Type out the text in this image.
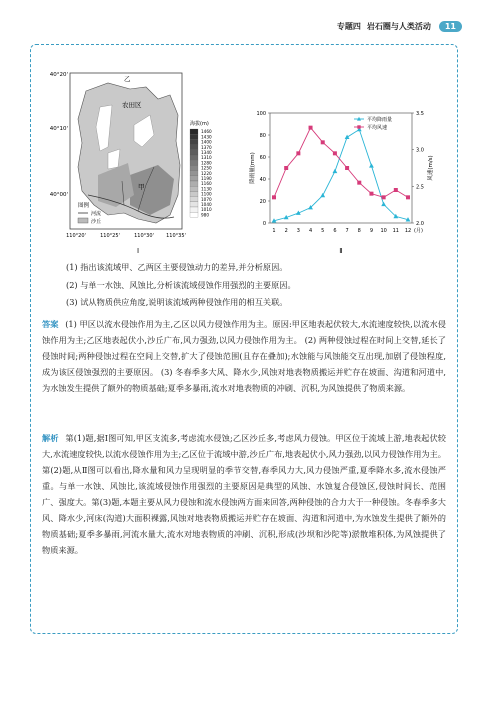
专题四 岩石圈与人类活动	11
40°20'
40°10'
40°00'
110°20'	110°25'	110°30' 110°35'
乙
农田区
甲
图例
河流
沙丘
海拔(m)
1460
1430
1400
1370
1340
1310
1280
1250
1220
1190
1160
1130
1100
1070
1040
1010
980
Ⅰ
0
20
40
60
80
100
2.0
2.5
3.0
3.5
1 2 3 4 5 6 7 8 9 10 11 12 (月)
降雨量(mm)	风速(m/s)
平均降雨量
平均风速
Ⅱ
(1) 指出该流域甲、乙两区主要侵蚀动力的差异,并分析原因。
(2) 与单一水蚀、风蚀比,分析该流域侵蚀作用强烈的主要原因。
(3) 试从物质供应角度,说明该流域两种侵蚀作用的相互关联。
答案 (1) 甲区以流水侵蚀作用为主,乙区以风力侵蚀作用为主。原因:甲区地表起伏较大,水流速度较快,以流水侵蚀作用为主;乙区地表起伏小,沙丘广布,风力强劲,以风力侵蚀作用为主。 (2) 两种侵蚀过程在时间上交替,延长了侵蚀时间;两种侵蚀过程在空间上交替,扩大了侵蚀范围(且存在叠加);水蚀能与风蚀能交互出现,加剧了侵蚀程度,成为该区侵蚀强烈的主要原因。 (3) 冬春季多大风、降水少,风蚀对地表物质搬运并贮存在坡面、沟道和河道中,为水蚀发生提供了额外的物质基础;夏季多暴雨,流水对地表物质的冲刷、沉积,为风蚀提供了物质来源。
解析 第(1)题,据Ⅰ图可知,甲区支流多,考虑流水侵蚀;乙区沙丘多,考虑风力侵蚀。甲区位于流域上游,地表起伏较大,水流速度较快,以流水侵蚀作用为主;乙区位于流域中游,沙丘广布,地表起伏小,风力强劲,以风力侵蚀作用为主。第(2)题,从Ⅱ图可以看出,降水量和风力呈现明显的季节交替,春季风力大,风力侵蚀严重,夏季降水多,流水侵蚀严重。与单一水蚀、风蚀比,该流域侵蚀作用强烈的主要原因是典型的风蚀、水蚀复合侵蚀区,侵蚀时间长、范围广、强度大。第(3)题,本题主要从风力侵蚀和流水侵蚀两方面来回答,两种侵蚀的合力大于一种侵蚀。冬春季多大风、降水少,河床(沟道)大面积裸露,风蚀对地表物质搬运并贮存在坡面、沟道和河道中,为水蚀发生提供了额外的物质基础;夏季多暴雨,河流水量大,流水对地表物质的冲刷、沉积,形成(沙坝和沙陀等)淤散堆积体,为风蚀提供了物质来源。
